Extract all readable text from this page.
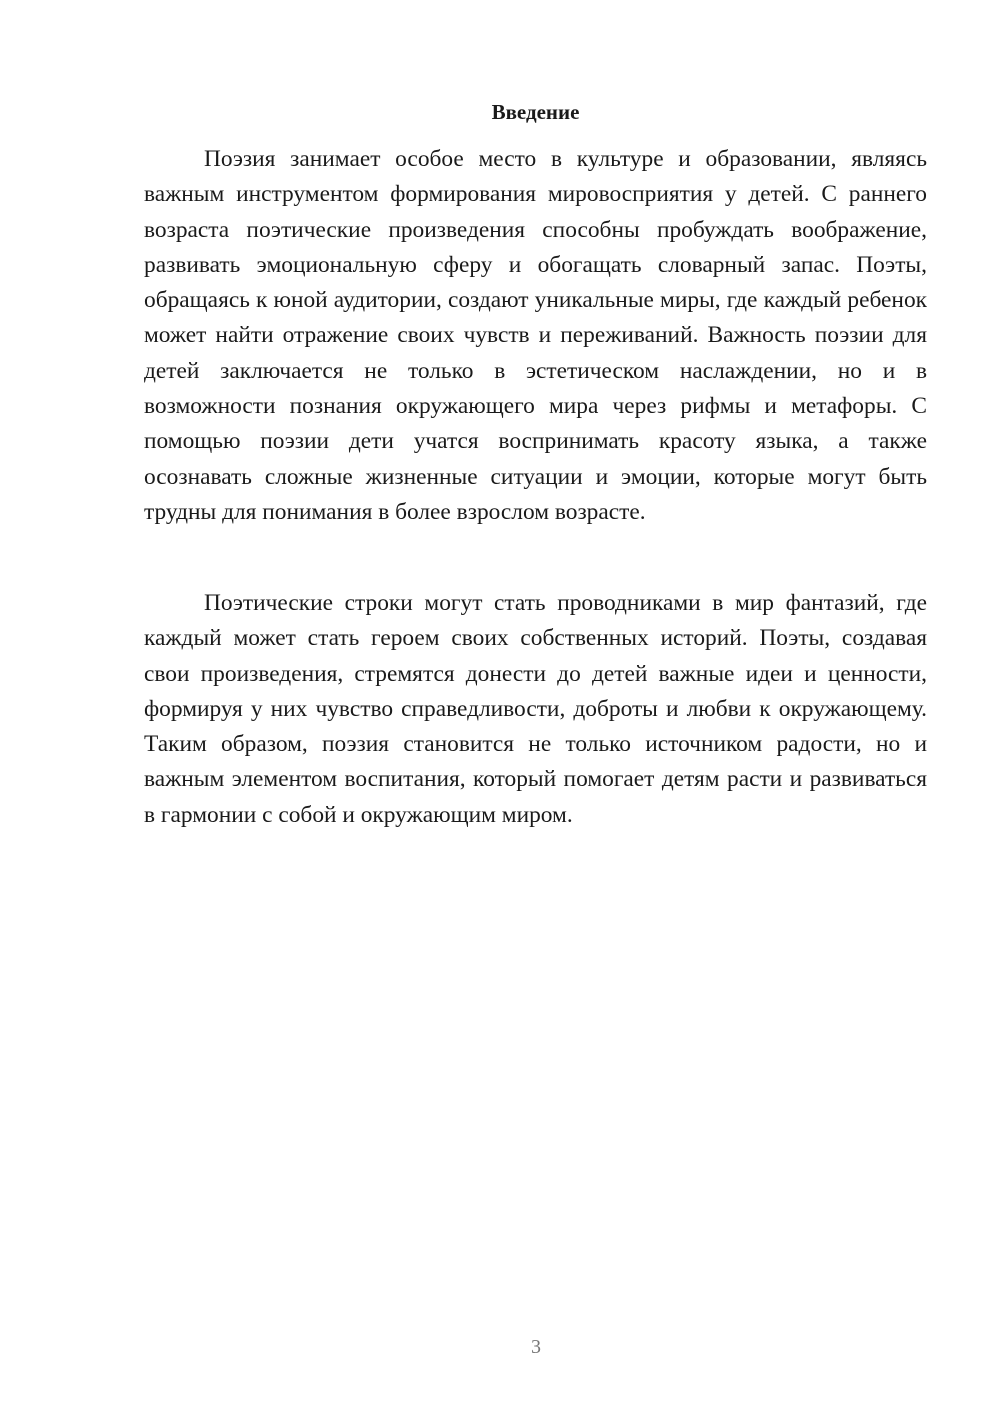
Введение

Поэзия занимает особое место в культуре и образовании, являясь важным инструментом формирования мировосприятия у детей. С раннего возраста поэтические произведения способны пробуждать воображение, развивать эмоциональную сферу и обогащать словарный запас. Поэты, обращаясь к юной аудитории, создают уникальные миры, где каждый ребенок может найти отражение своих чувств и переживаний. Важность поэзии для детей заключается не только в эстетическом наслаждении, но и в возможности познания окружающего мира через рифмы и метафоры. С помощью поэзии дети учатся воспринимать красоту языка, а также осознавать сложные жизненные ситуации и эмоции, которые могут быть трудны для понимания в более взрослом возрасте.

Поэтические строки могут стать проводниками в мир фантазий, где каждый может стать героем своих собственных историй. Поэты, создавая свои произведения, стремятся донести до детей важные идеи и ценности, формируя у них чувство справедливости, доброты и любви к окружающему. Таким образом, поэзия становится не только источником радости, но и важным элементом воспитания, который помогает детям расти и развиваться в гармонии с собой и окружающим миром.

3
